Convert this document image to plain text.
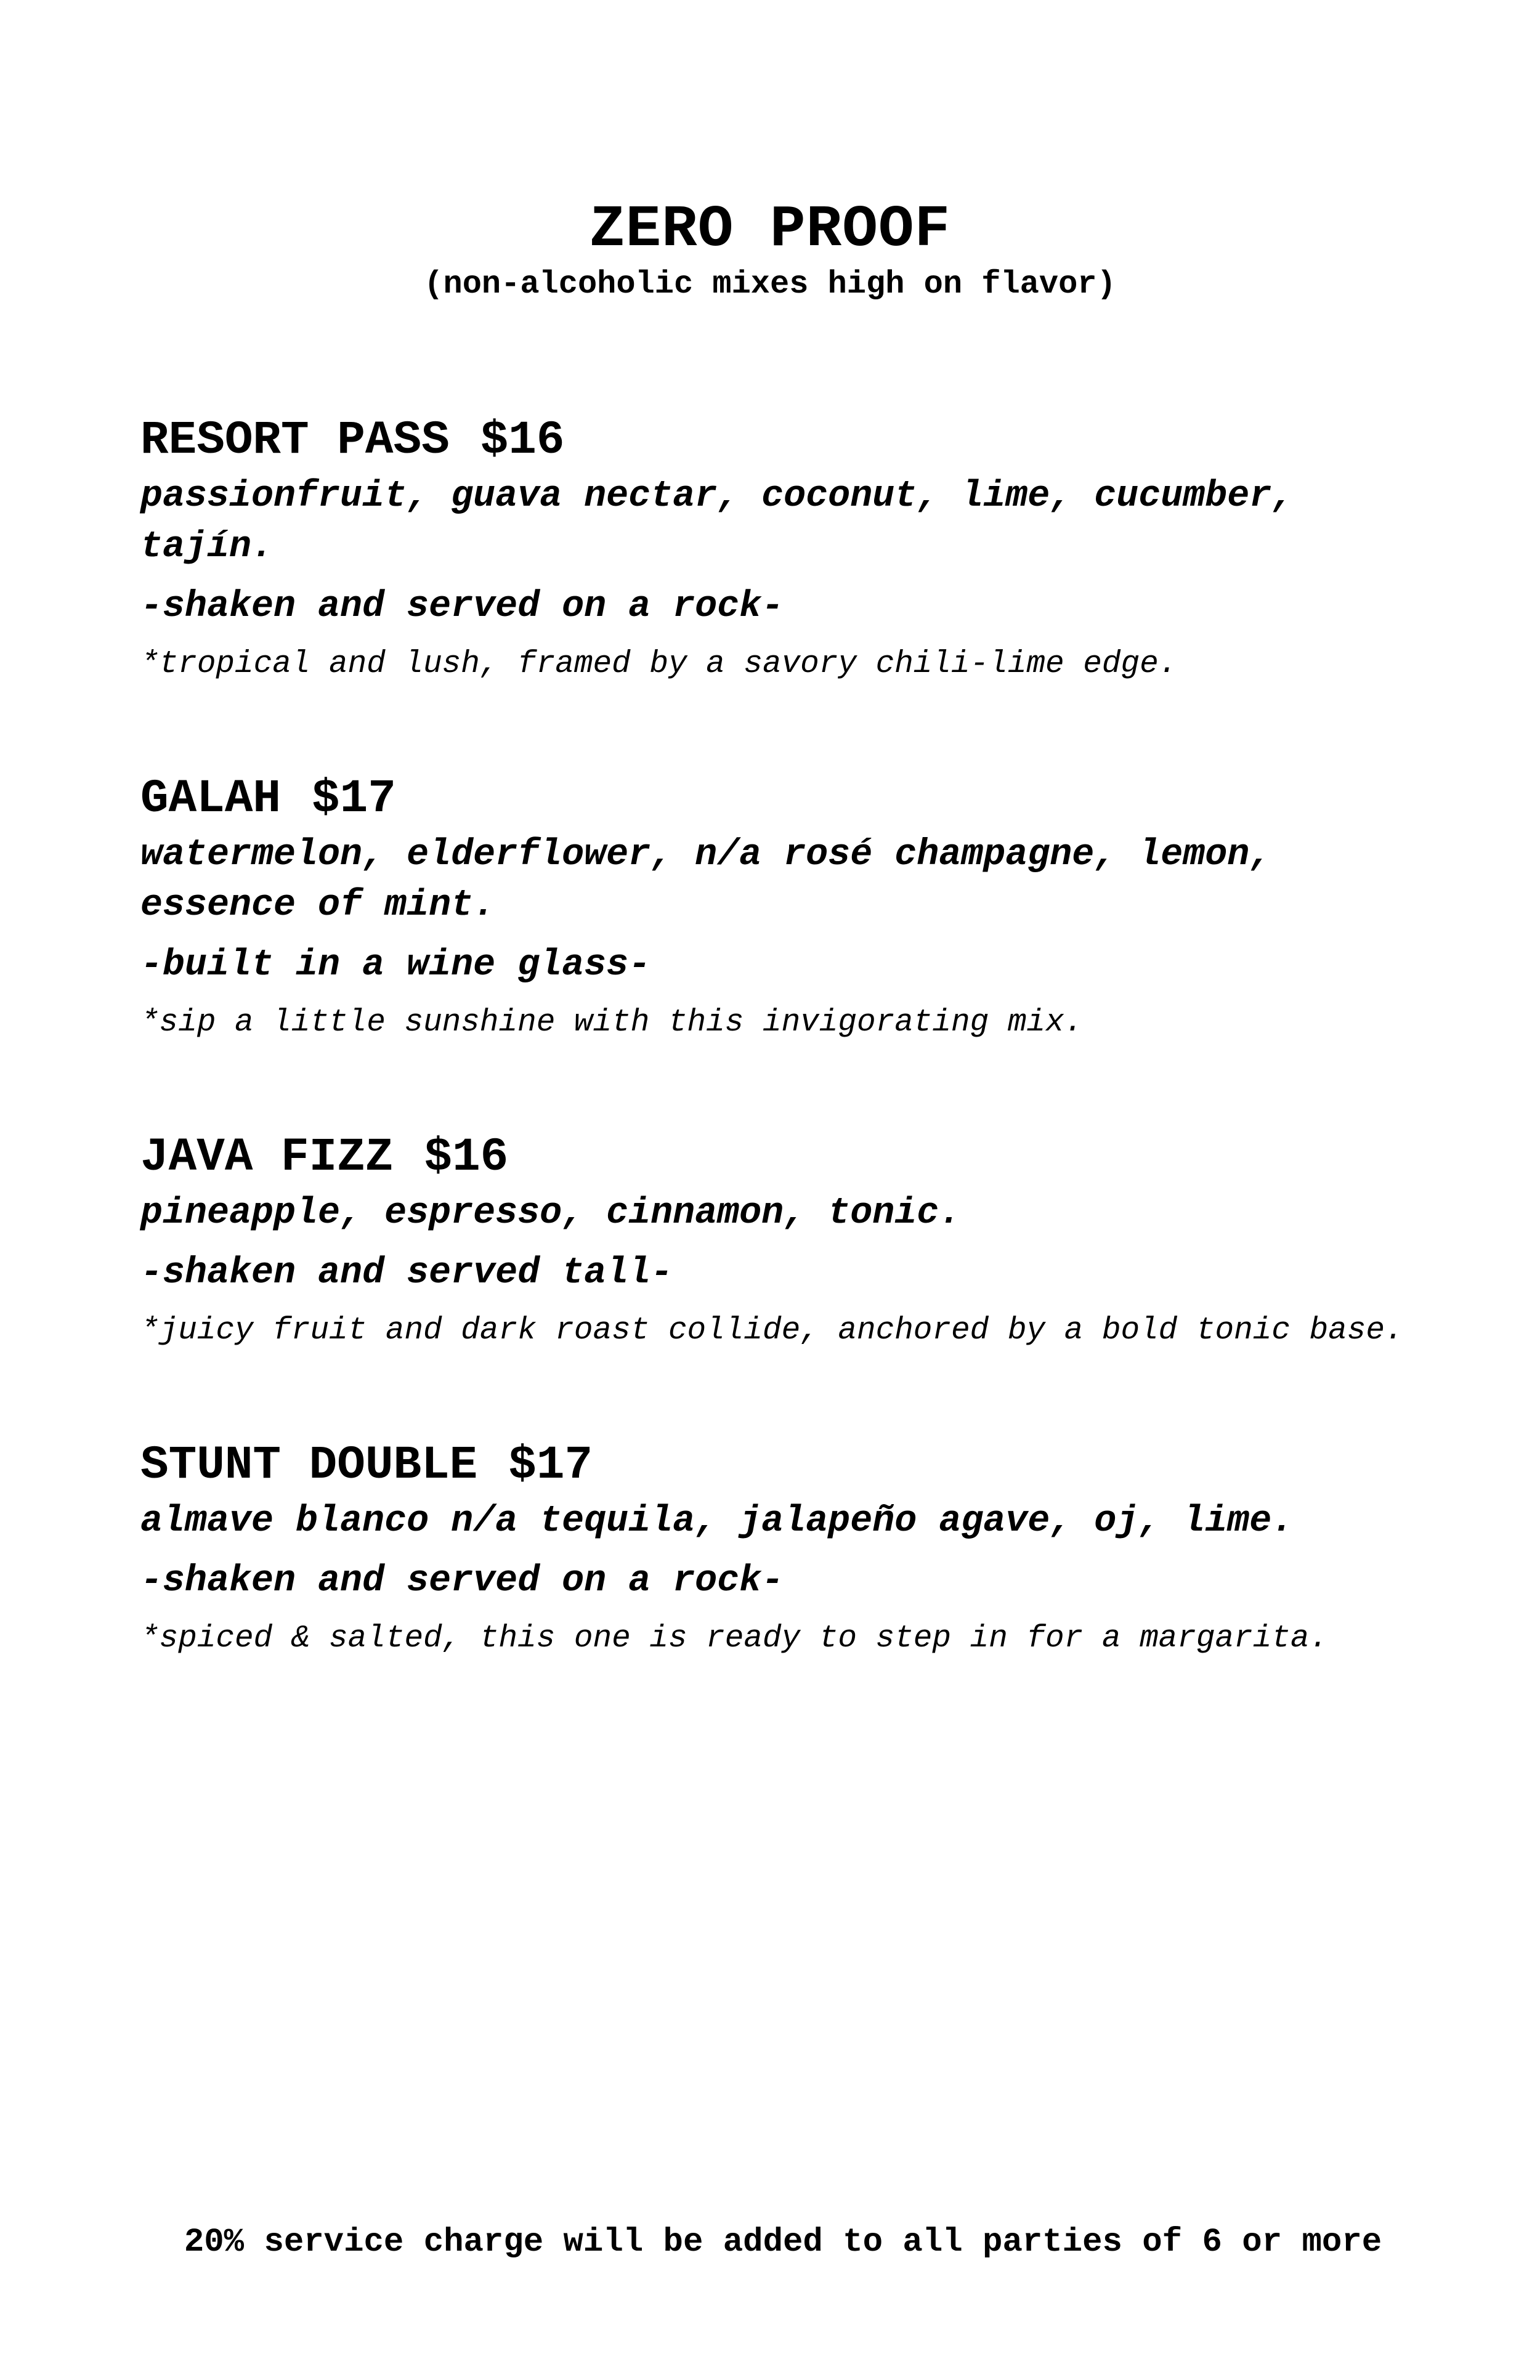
ZERO PROOF
(non-alcoholic mixes high on flavor)
RESORT PASS $16
passionfruit, guava nectar, coconut, lime, cucumber, tajín.
-shaken and served on a rock-
*tropical and lush, framed by a savory chili-lime edge.
GALAH $17
watermelon, elderflower, n/a rosé champagne, lemon, essence of mint.
-built in a wine glass-
*sip a little sunshine with this invigorating mix.
JAVA FIZZ $16
pineapple, espresso, cinnamon, tonic.
-shaken and served tall-
*juicy fruit and dark roast collide, anchored by a bold tonic base.
STUNT DOUBLE $17
almave blanco n/a tequila, jalapeño agave, oj, lime.
-shaken and served on a rock-
*spiced & salted, this one is ready to step in for a margarita.
20% service charge will be added to all parties of 6 or more
